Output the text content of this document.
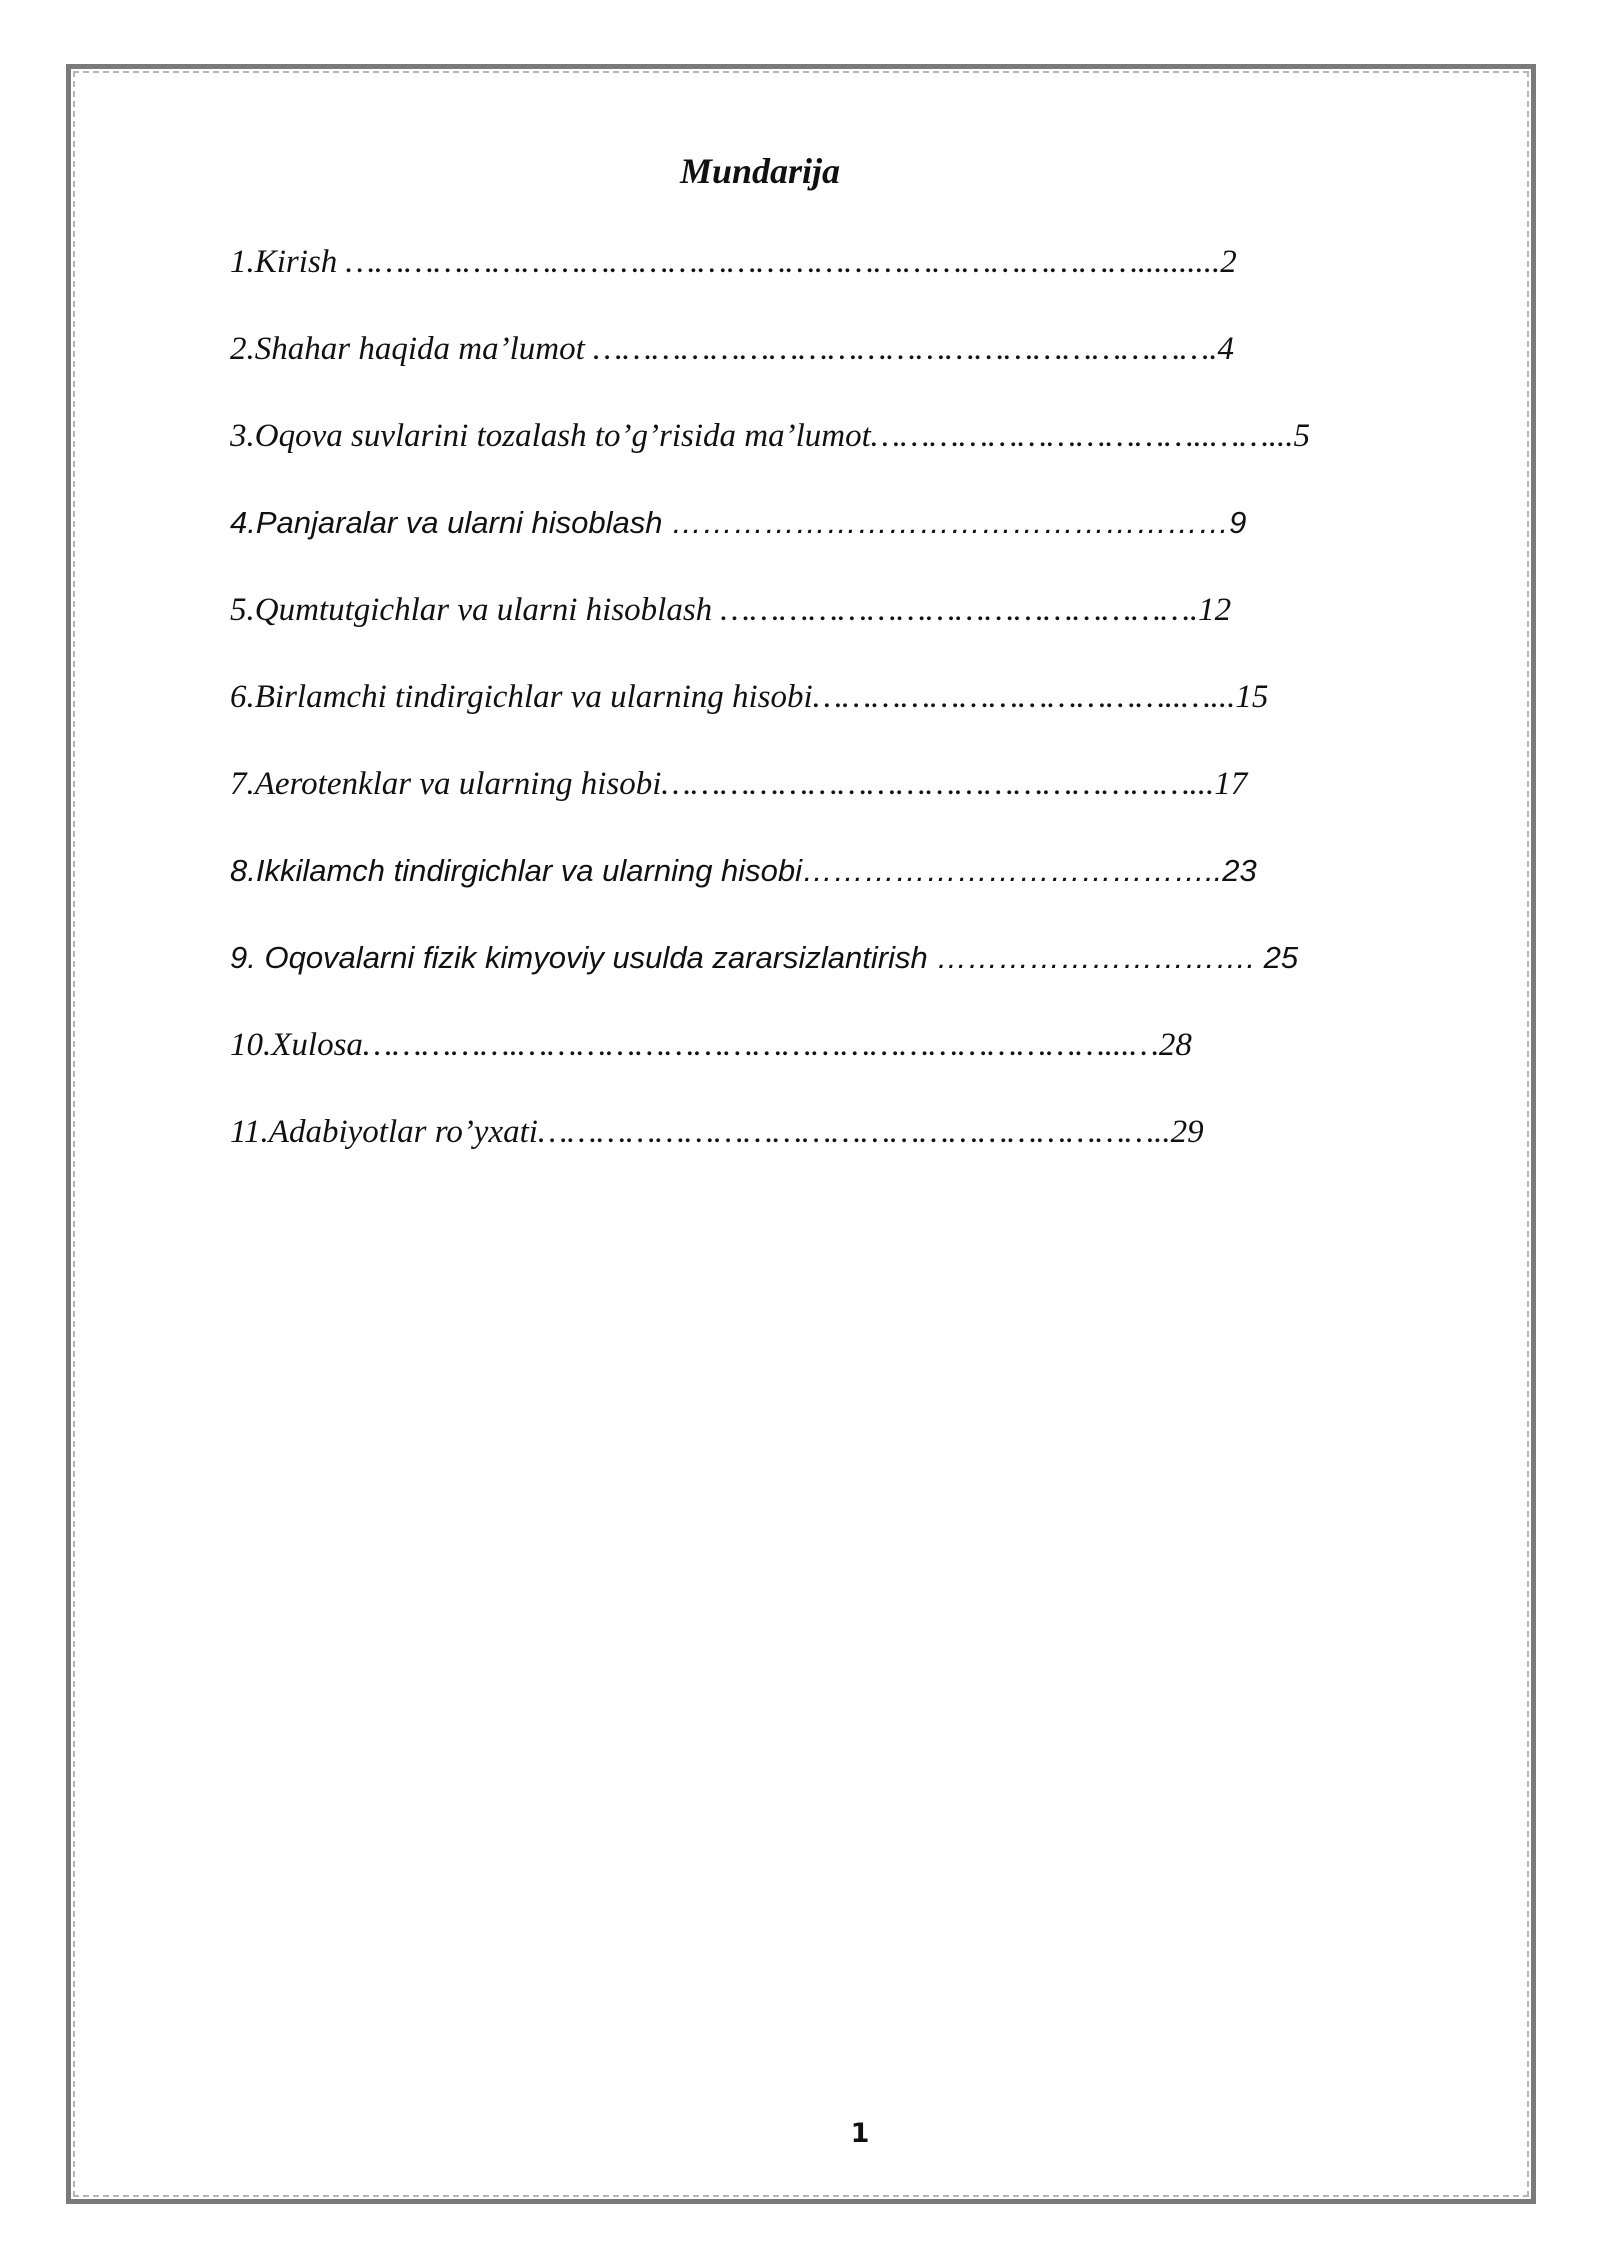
Mundarija
1.Kirish ………………………………………………………………………..........2
2.Shahar haqida ma’lumot ……………………………………………………….4
3.Oqova suvlarini tozalash to’g’risida ma’lumot……………………………..……...5
4.Panjaralar va ularni hisoblash ………………………………………………9
5.Qumtutgichlar va ularni hisoblash ………………………………………….12
6.Birlamchi tindirgichlar va ularning hisobi………………………………..…...15
7.Aerotenklar va ularning hisobi………………………………………………...17
8.Ikkilamch tindirgichlar va ularning hisobi…………………………………..23
9. Oqovalarni fizik kimyoviy usulda zararsizlantirish …………………………. 25
10.Xulosa…………….……………………………………………………...…28
11.Adabiyotlar ro’yxati………………………………………………………..29
1
